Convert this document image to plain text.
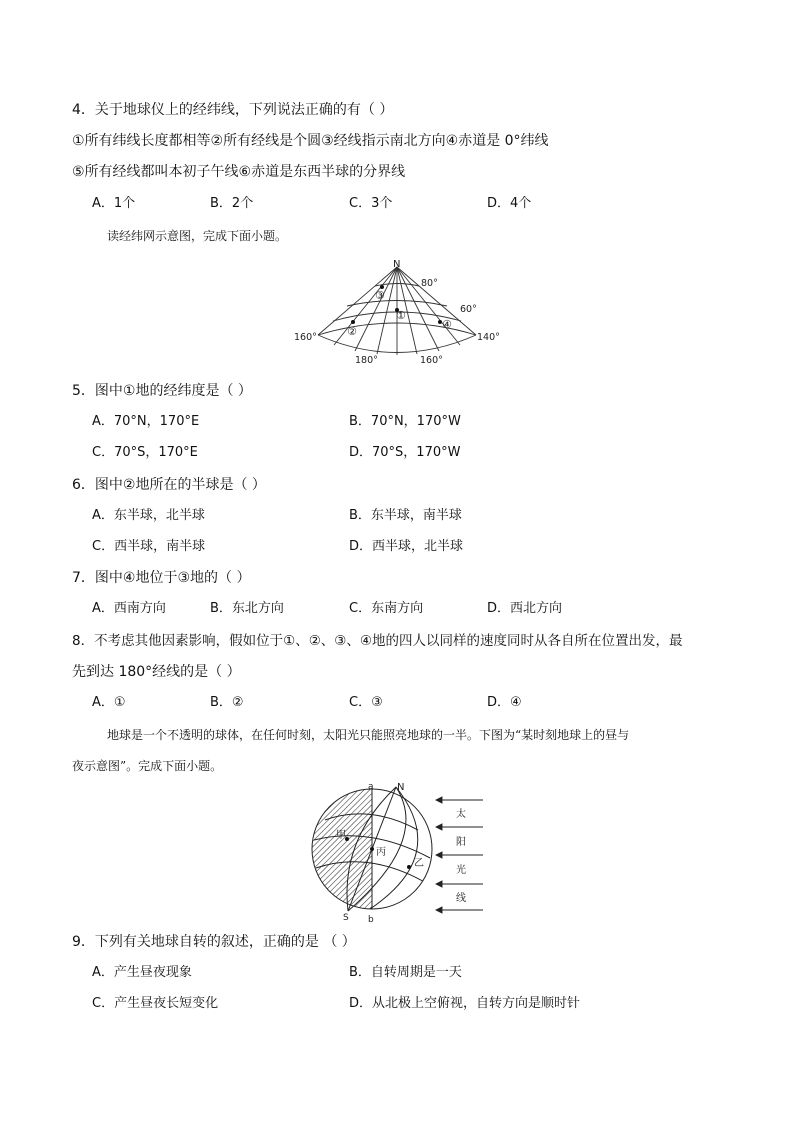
4．关于地球仪上的经纬线，下列说法正确的有（ ）
①所有纬线长度都相等②所有经线是个圆③经线指示南北方向④赤道是 0°纬线
⑤所有经线都叫本初子午线⑥赤道是东西半球的分界线
A．1个	B．2个	C．3个	D．4个
读经纬网示意图，完成下面小题。
N
80°
60°
160°
180°	160°
140°
①
②
③
④
5．图中①地的经纬度是（ ）
A．70°N，170°E	B．70°N，170°W
C．70°S，170°E	D．70°S，170°W
6．图中②地所在的半球是（ ）
A．东半球，北半球	B．东半球，南半球
C．西半球，南半球	D．西半球，北半球
7．图中④地位于③地的（ ）
A．西南方向	B．东北方向	C．东南方向	D．西北方向
8．不考虑其他因素影响，假如位于①、②、③、④地的四人以同样的速度同时从各自所在位置出发，最
先到达 180°经线的是（ ）
A．①	B．②	C．③	D．④
地球是一个不透明的球体，在任何时刻，太阳光只能照亮地球的一半。下图为“某时刻地球上的昼与
夜示意图”。完成下面小题。
a N
S b
甲
丙
乙
太
阳
光
线
9．下列有关地球自转的叙述，正确的是 （ ）
A．产生昼夜现象	B．自转周期是一天
C．产生昼夜长短变化	D．从北极上空俯视，自转方向是顺时针
